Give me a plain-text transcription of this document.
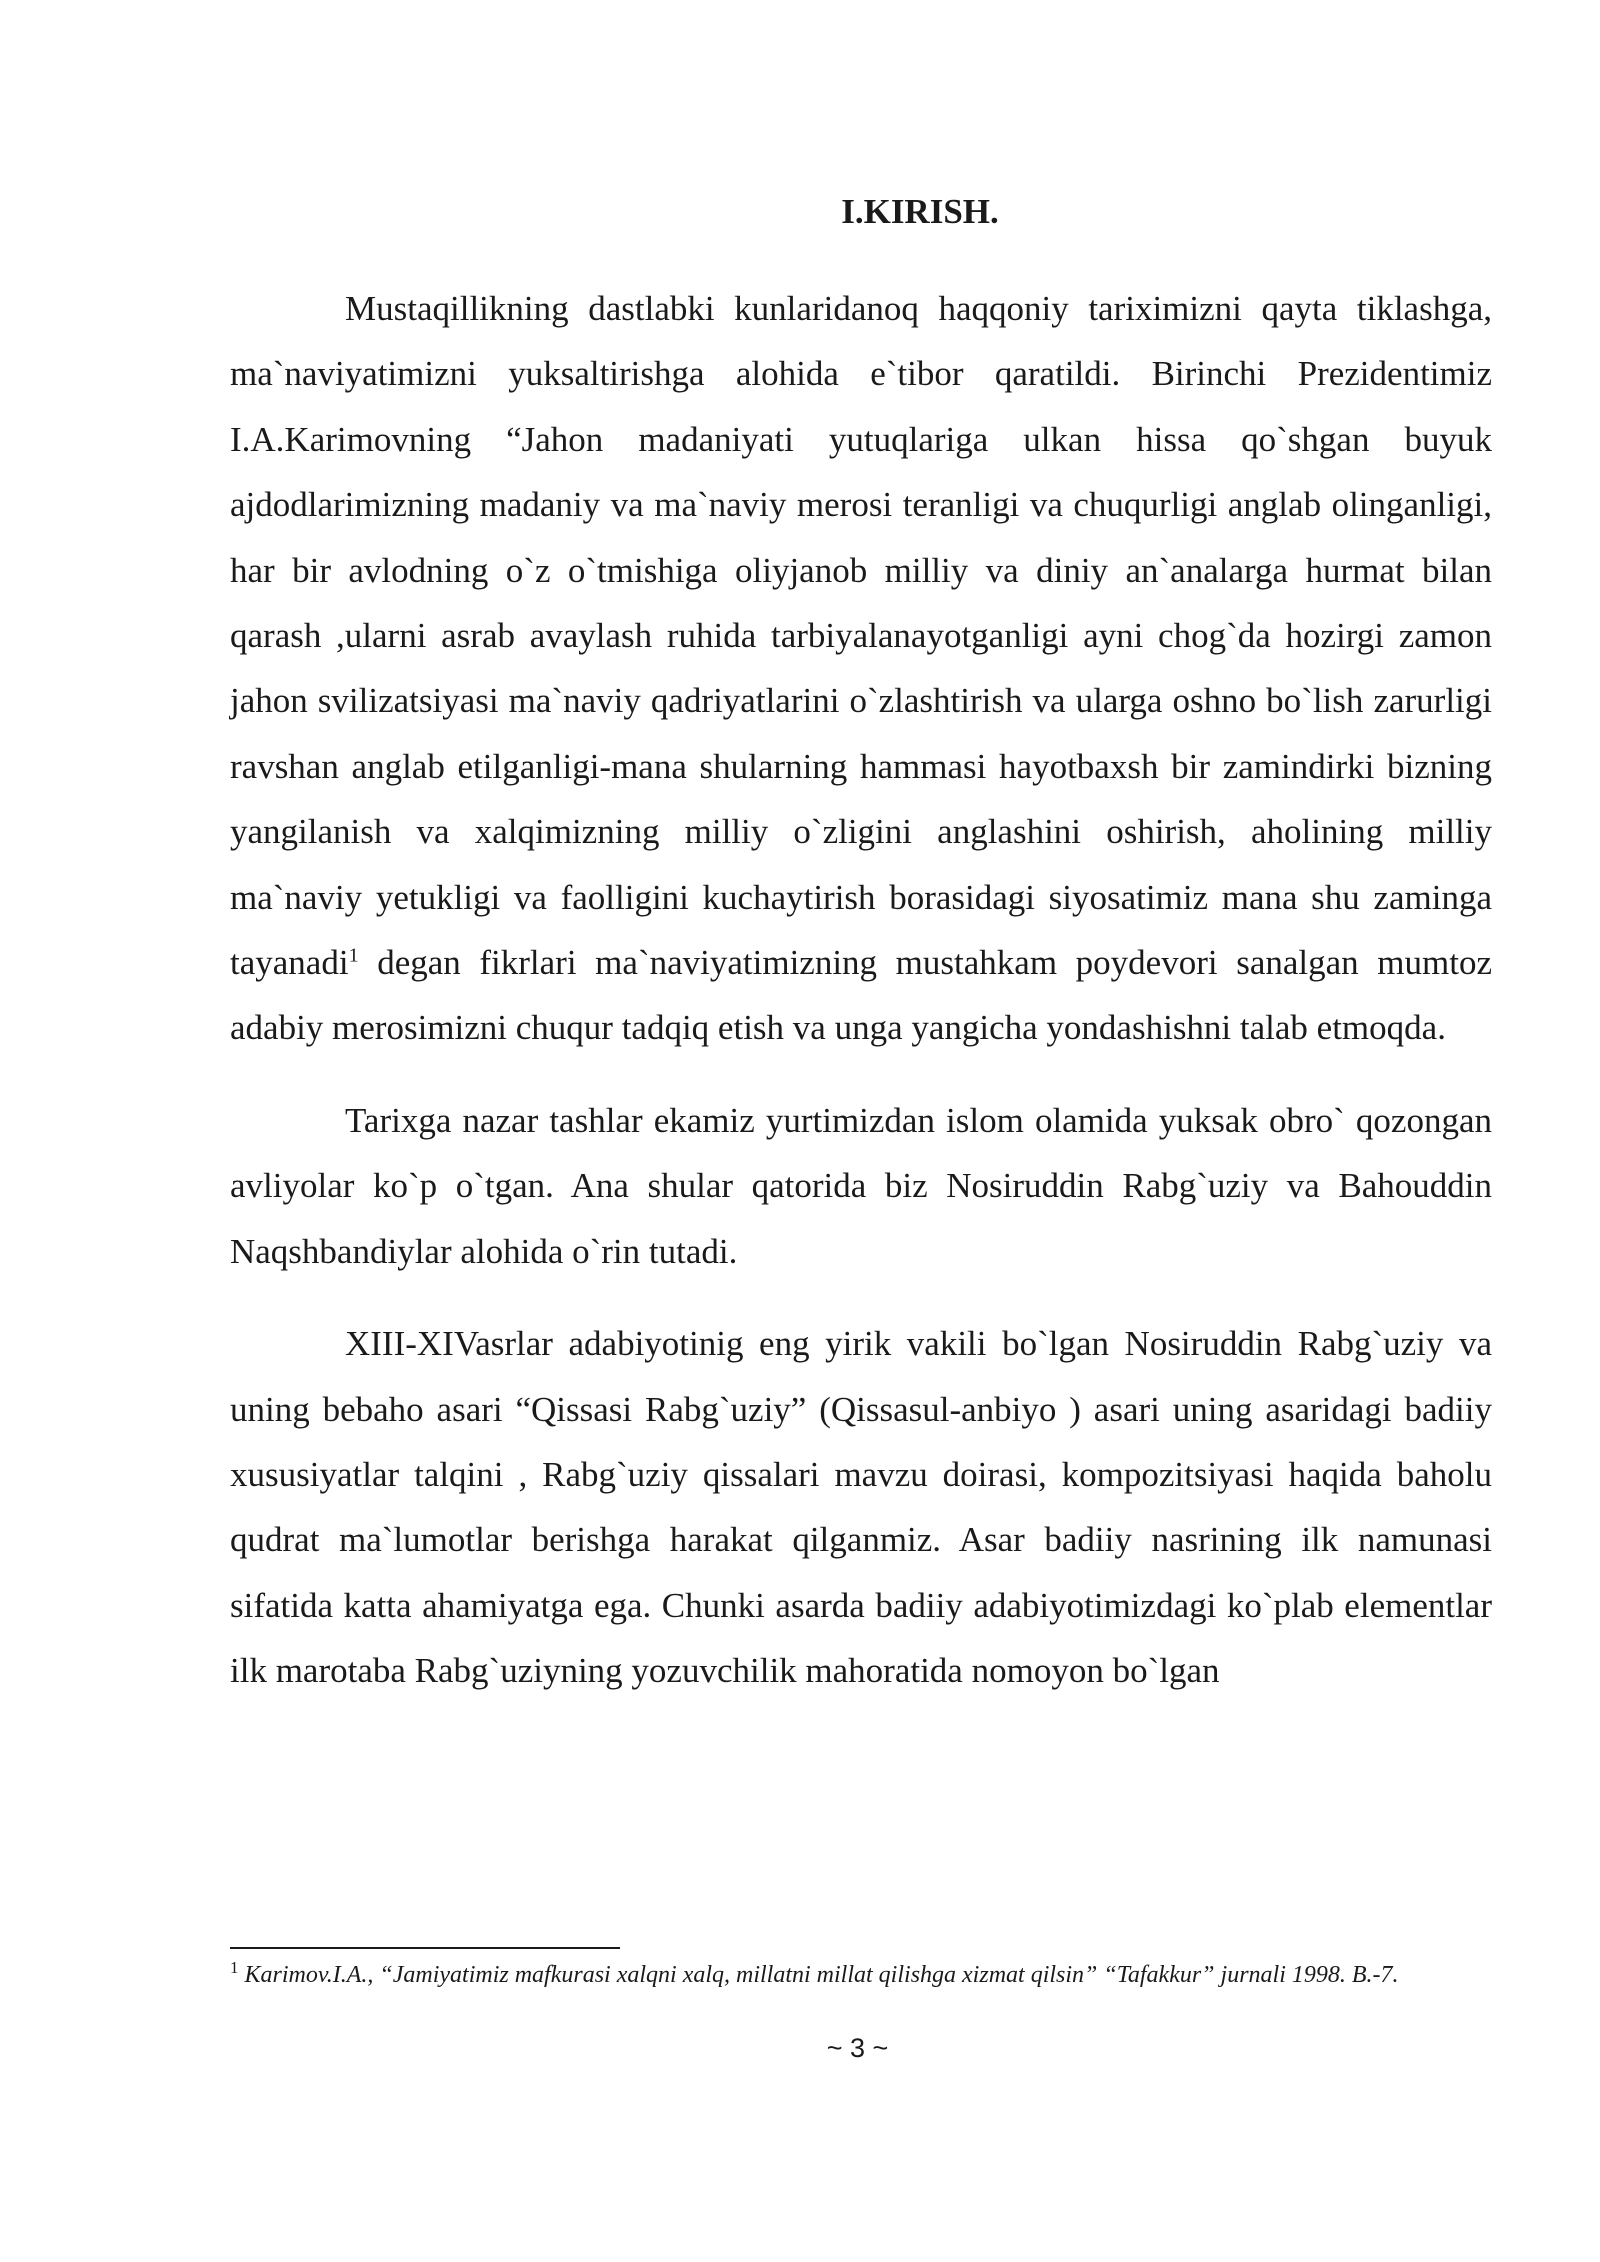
I.KIRISH.

Mustaqillikning dastlabki kunlaridanoq haqqoniy tariximizni qayta tiklashga, ma`naviyatimizni yuksaltirishga alohida e`tibor qaratildi. Birinchi Prezidentimiz I.A.Karimovning “Jahon madaniyati yutuqlariga ulkan hissa qo`shgan buyuk ajdodlarimizning madaniy va ma`naviy merosi teranligi va chuqurligi anglab olinganligi, har bir avlodning o`z o`tmishiga oliyjanob milliy va diniy an`analarga hurmat bilan qarash ,ularni asrab avaylash ruhida tarbiyalanayotganligi ayni chog`da hozirgi zamon jahon svilizatsiyasi ma`naviy qadriyatlarini o`zlashtirish va ularga oshno bo`lish zarurligi ravshan anglab etilganligi-mana shularning hammasi hayotbaxsh bir zamindirki bizning yangilanish va xalqimizning milliy o`zligini anglashini oshirish, aholining milliy ma`naviy yetukligi va faolligini kuchaytirish borasidagi siyosatimiz mana shu zaminga tayanadi$^1$ degan fikrlari ma`naviyatimizning mustahkam poydevori sanalgan mumtoz adabiy merosimizni chuqur tadqiq etish va unga yangicha yondashishni talab etmoqda.

Tarixga nazar tashlar ekamiz yurtimizdan islom olamida yuksak obro` qozongan avliyolar ko`p o`tgan. Ana shular qatorida biz Nosiruddin Rabg`uziy va Bahouddin Naqshbandiylar alohida o`rin tutadi.

XIII-XIVasrlar adabiyotinig eng yirik vakili bo`lgan Nosiruddin Rabg`uziy va uning bebaho asari “Qissasi Rabg`uziy” (Qissasul-anbiyo ) asari uning asaridagi badiiy xususiyatlar talqini , Rabg`uziy qissalari mavzu doirasi, kompozitsiyasi haqida baholu qudrat ma`lumotlar berishga harakat qilganmiz. Asar badiiy nasrining ilk namunasi sifatida katta ahamiyatga ega. Chunki asarda badiiy adabiyotimizdagi ko`plab elementlar ilk marotaba Rabg`uziyning yozuvchilik mahoratida nomoyon bo`lgan

$^1$ Karimov.I.A., “Jamiyatimiz mafkurasi xalqni xalq, millatni millat qilishga xizmat qilsin” “Tafakkur” jurnali 1998. B.-7.
~ 3 ~
